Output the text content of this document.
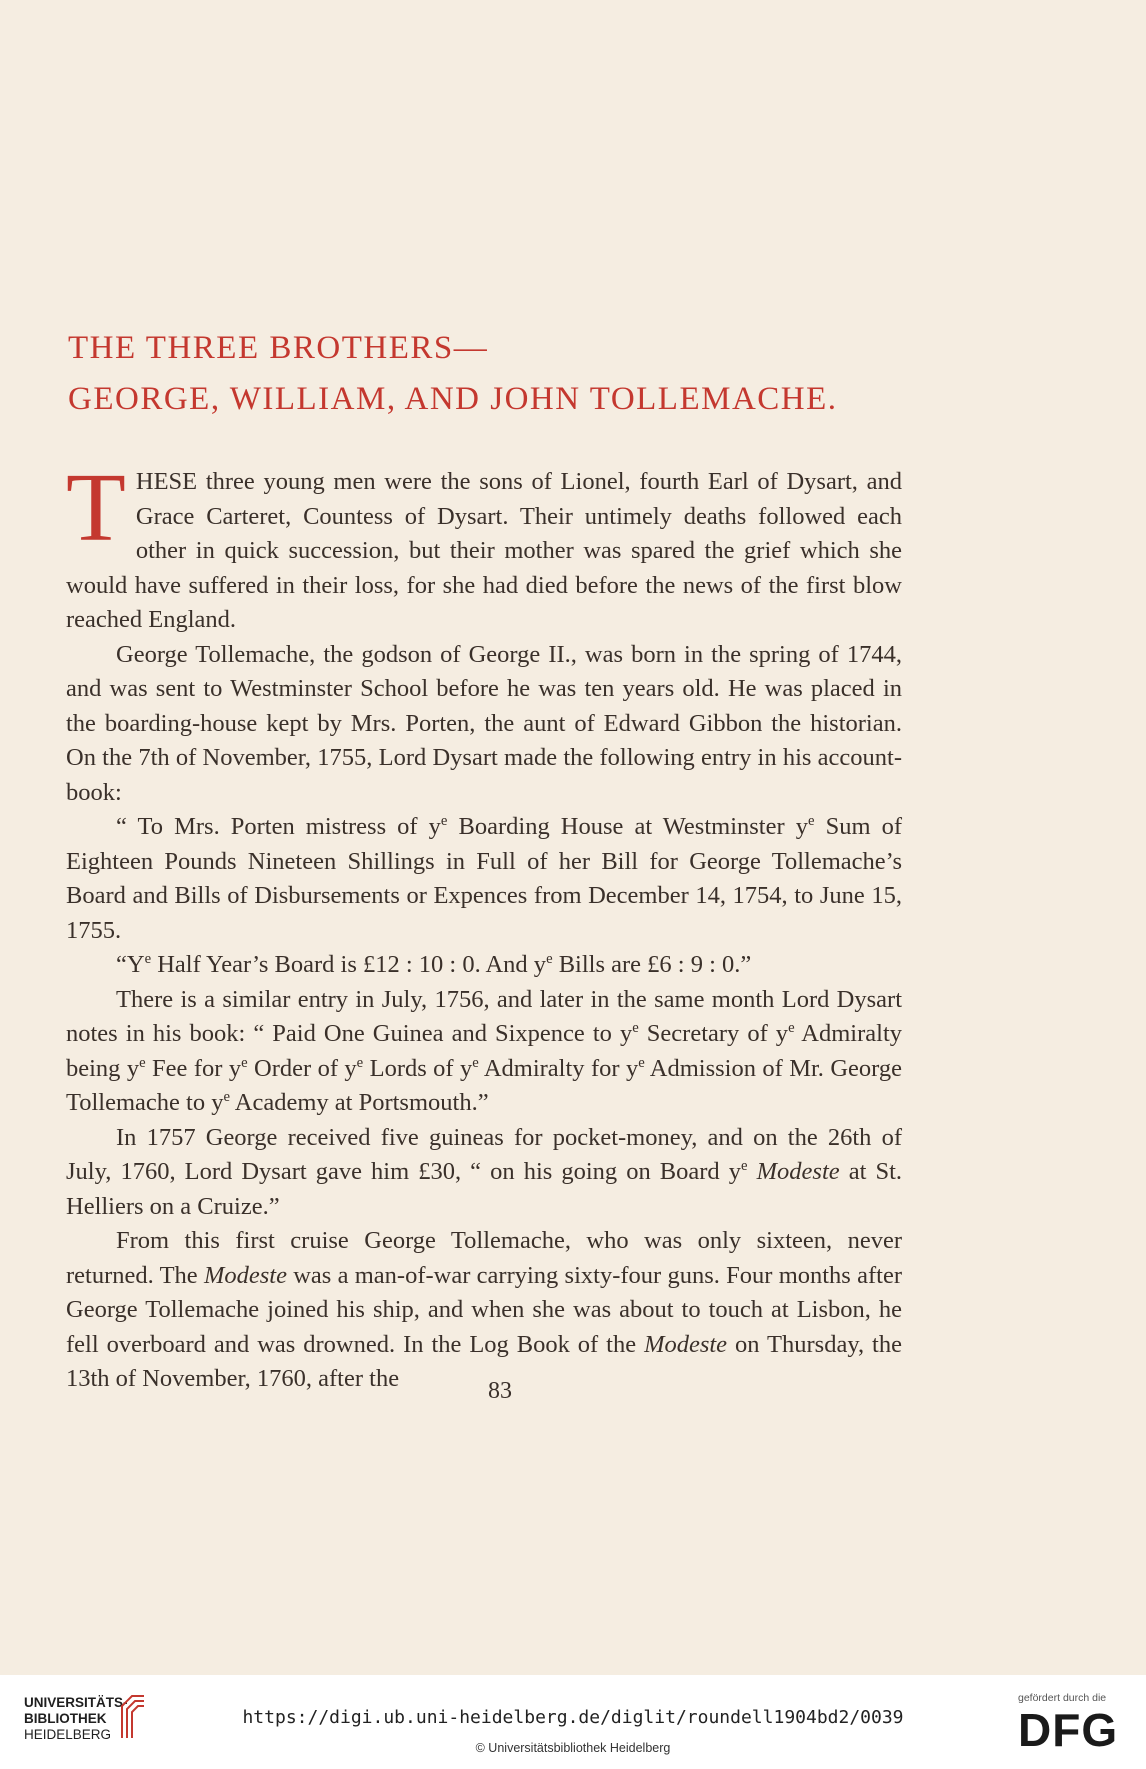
THE THREE BROTHERS—
GEORGE, WILLIAM, AND JOHN TOLLEMACHE.

THESE three young men were the sons of Lionel, fourth Earl of Dysart, and Grace Carteret, Countess of Dysart. Their untimely deaths followed each other in quick succession, but their mother was spared the grief which she would have suffered in their loss, for she had died before the news of the first blow reached England.

George Tollemache, the godson of George II., was born in the spring of 1744, and was sent to Westminster School before he was ten years old. He was placed in the boarding-house kept by Mrs. Porten, the aunt of Edward Gibbon the historian. On the 7th of November, 1755, Lord Dysart made the following entry in his account-book:

“ To Mrs. Porten mistress of $y^e$ Boarding House at Westminster $y^e$ Sum of Eighteen Pounds Nineteen Shillings in Full of her Bill for George Tollemache’s Board and Bills of Disbursements or Expences from December 14, 1754, to June 15, 1755.

“$Y^e$ Half Year’s Board is £12 : 10 : 0. And $y^e$ Bills are £6 : 9 : 0.”

There is a similar entry in July, 1756, and later in the same month Lord Dysart notes in his book: “ Paid One Guinea and Sixpence to $y^e$ Secretary of $y^e$ Admiralty being $y^e$ Fee for $y^e$ Order of $y^e$ Lords of $y^e$ Admiralty for $y^e$ Admission of Mr. George Tollemache to $y^e$ Academy at Portsmouth.”

In 1757 George received five guineas for pocket-money, and on the 26th of July, 1760, Lord Dysart gave him £30, “ on his going on Board $y^e$ Modeste at St. Helliers on a Cruize.”

From this first cruise George Tollemache, who was only sixteen, never returned. The Modeste was a man-of-war carrying sixty-four guns. Four months after George Tollemache joined his ship, and when she was about to touch at Lisbon, he fell overboard and was drowned. In the Log Book of the Modeste on Thursday, the 13th of November, 1760, after the	83
UNIVERSITÄTS-
BIBLIOTHEK
HEIDELBERG
https://digi.ub.uni-heidelberg.de/diglit/roundell1904bd2/0039
© Universitätsbibliothek Heidelberg
gefördert durch die
DFG
